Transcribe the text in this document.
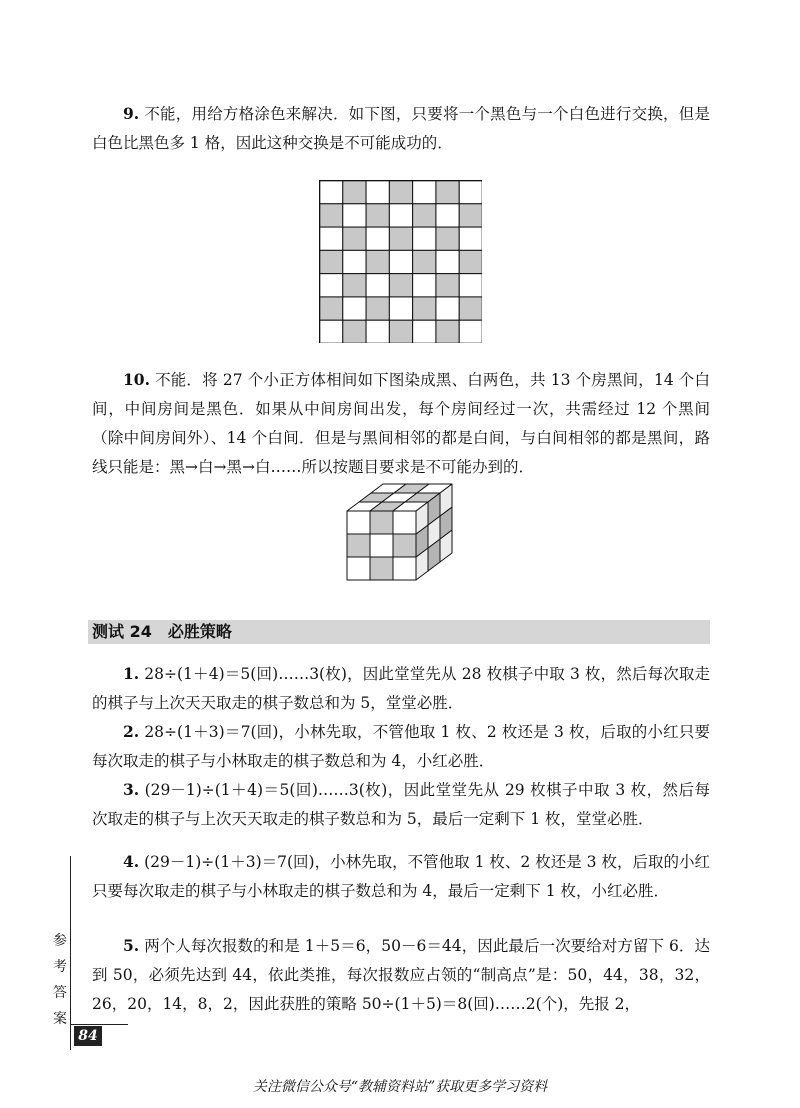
9. 不能，用给方格涂色来解决．如下图，只要将一个黑色与一个白色进行交换，但是白色比黑色多 1 格，因此这种交换是不可能成功的．

10. 不能．将 27 个小正方体相间如下图染成黑、白两色，共 13 个房黑间，14 个白间，中间房间是黑色．如果从中间房间出发，每个房间经过一次，共需经过 12 个黑间（除中间房间外）、14 个白间．但是与黑间相邻的都是白间，与白间相邻的都是黑间，路线只能是：黑→白→黑→白……所以按题目要求是不可能办到的．

测试 24　必胜策略

1. 28÷(1＋4)＝5(回)……3(枚)，因此堂堂先从 28 枚棋子中取 3 枚，然后每次取走的棋子与上次天天取走的棋子数总和为 5，堂堂必胜．

2. 28÷(1＋3)＝7(回)，小林先取，不管他取 1 枚、2 枚还是 3 枚，后取的小红只要每次取走的棋子与小林取走的棋子数总和为 4，小红必胜．

3. (29－1)÷(1＋4)＝5(回)……3(枚)，因此堂堂先从 29 枚棋子中取 3 枚，然后每次取走的棋子与上次天天取走的棋子数总和为 5，最后一定剩下 1 枚，堂堂必胜．

4. (29－1)÷(1＋3)＝7(回)，小林先取，不管他取 1 枚、2 枚还是 3 枚，后取的小红只要每次取走的棋子与小林取走的棋子数总和为 4，最后一定剩下 1 枚，小红必胜．

5. 两个人每次报数的和是 1＋5＝6，50－6＝44，因此最后一次要给对方留下 6．达到 50，必须先达到 44，依此类推，每次报数应占领的“制高点”是：50，44，38，32，26，20，14，8，2，因此获胜的策略 50÷(1＋5)＝8(回)……2(个)，先报 2，

参
考
答
案
84
关注微信公众号“教辅资料站”获取更多学习资料
